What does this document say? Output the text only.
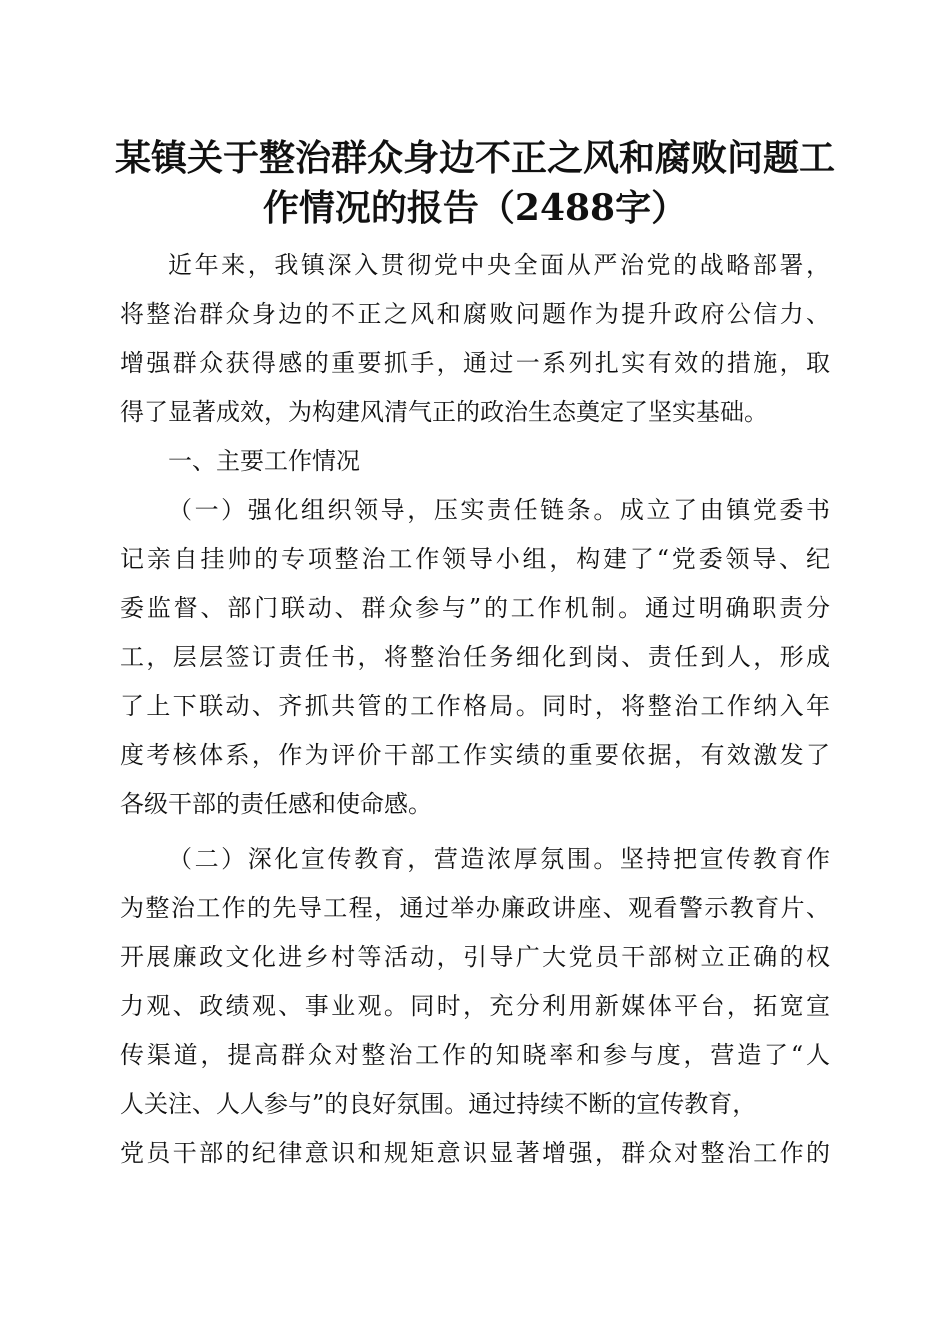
某镇关于整治群众身边不正之风和腐败问题工
作情况的报告（2488字）
近年来，我镇深入贯彻党中央全面从严治党的战略部署，
将整治群众身边的不正之风和腐败问题作为提升政府公信力、
增强群众获得感的重要抓手，通过一系列扎实有效的措施，取
得了显著成效，为构建风清气正的政治生态奠定了坚实基础。
一、主要工作情况
（一）强化组织领导，压实责任链条。成立了由镇党委书
记亲自挂帅的专项整治工作领导小组，构建了“党委领导、纪
委监督、部门联动、群众参与”的工作机制。通过明确职责分
工，层层签订责任书，将整治任务细化到岗、责任到人，形成
了上下联动、齐抓共管的工作格局。同时，将整治工作纳入年
度考核体系，作为评价干部工作实绩的重要依据，有效激发了
各级干部的责任感和使命感。
（二）深化宣传教育，营造浓厚氛围。坚持把宣传教育作
为整治工作的先导工程，通过举办廉政讲座、观看警示教育片、
开展廉政文化进乡村等活动，引导广大党员干部树立正确的权
力观、政绩观、事业观。同时，充分利用新媒体平台，拓宽宣
传渠道，提高群众对整治工作的知晓率和参与度，营造了“人
人关注、人人参与”的良好氛围。通过持续不断的宣传教育，
党员干部的纪律意识和规矩意识显著增强，群众对整治工作的
